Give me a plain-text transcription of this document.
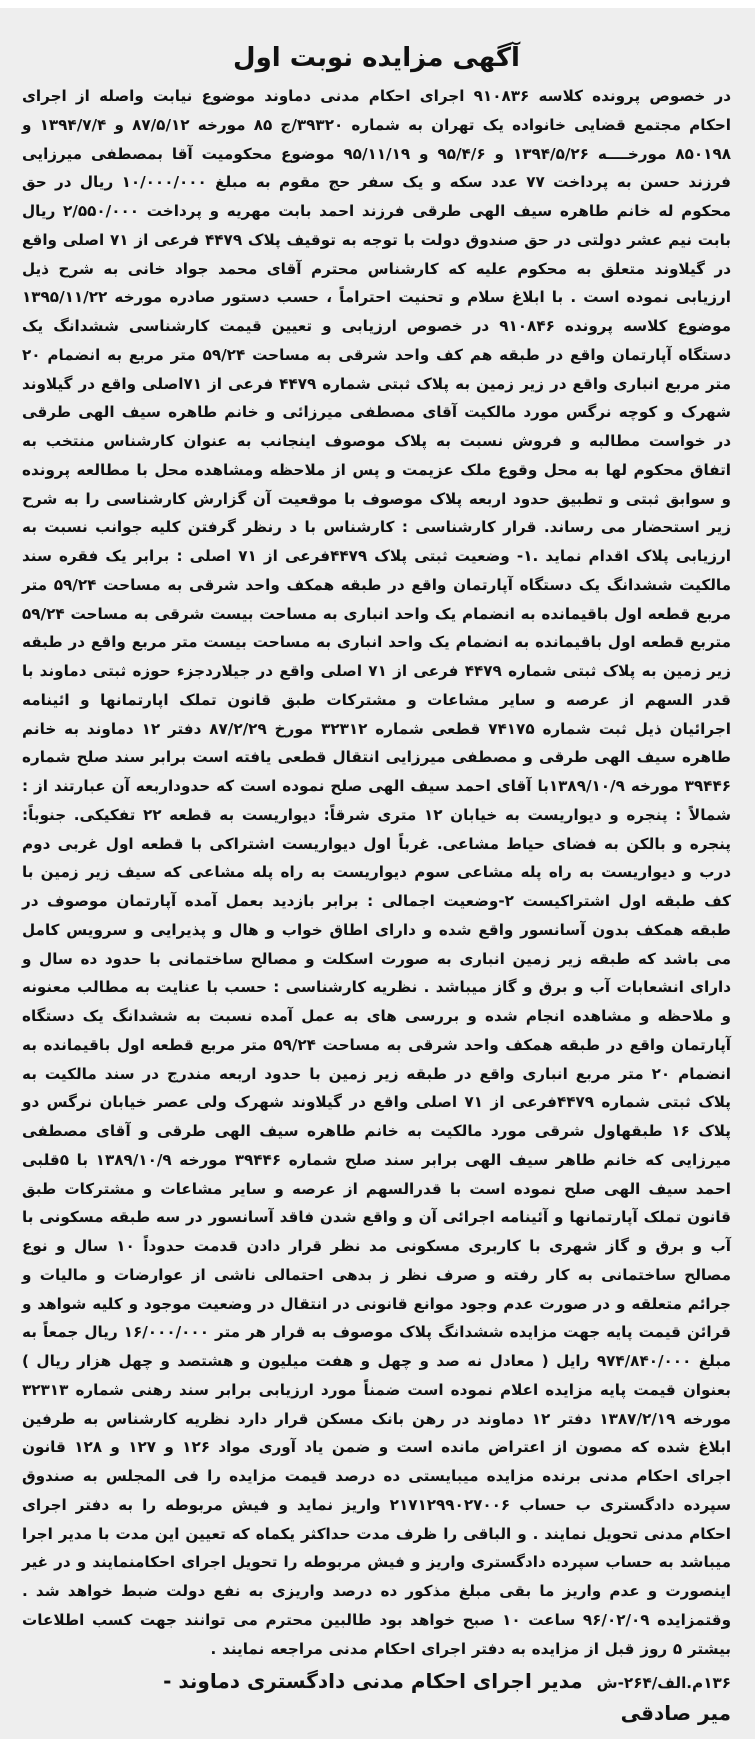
آگهی مزایده نوبت اول

در خصوص پرونده کلاسه ۹۱۰۸۳۶ اجرای احکام مدنی دماوند موضوع نیابت واصله از اجرای احکام مجتمع قضایی خانواده یک تهران به شماره ۳۹۳۲۰/ج ۸۵ مورخه ۸۷/۵/۱۲ و ۱۳۹۴/۷/۴ و ۸۵۰۱۹۸ مورخــــه ۱۳۹۴/۵/۲۶ و ۹۵/۴/۶ و ۹۵/۱۱/۱۹ موضوع محکومیت آقا بمصطفی میرزایی فرزند حسن به پرداخت ۷۷ عدد سکه و یک سفر حج مقوم به مبلغ ۱۰/۰۰۰/۰۰۰ ریال در حق محکوم له خانم طاهره سیف الهی طرقی فرزند احمد بابت مهریه و پرداخت ۲/۵۵۰/۰۰۰ ریال بابت نیم عشر دولتی در حق صندوق دولت با توجه به توقیف پلاک ۴۴۷۹ فرعی از ۷۱ اصلی واقع در گیلاوند متعلق به محکوم علیه که کارشناس محترم آقای محمد جواد خانی به شرح ذیل ارزیابی نموده است . با ابلاغ سلام و تحنیت احتراماً ، حسب دستور صادره مورخه ۱۳۹۵/۱۱/۲۲ موضوع کلاسه پرونده ۹۱۰۸۴۶ در خصوص ارزیابی و تعیین قیمت کارشناسی ششدانگ یک دستگاه آپارتمان واقع در طبقه هم کف واحد شرقی به مساحت ۵۹/۲۴ متر مربع به انضمام ۲۰ متر مربع انباری واقع در زیر زمین به پلاک ثبتی شماره ۴۴۷۹ فرعی از ۷۱اصلی واقع در گیلاوند شهرک و کوچه نرگس مورد مالکیت آقای مصطفی میرزائی و خانم طاهره سیف الهی طرقی در خواست مطالبه و فروش نسبت به پلاک موصوف اینجانب به عنوان کارشناس منتخب به اتفاق محکوم لها به محل وقوع ملک عزیمت و پس از ملاحظه ومشاهده محل با مطالعه پرونده و سوابق ثبتی و تطبیق حدود اربعه پلاک موصوف با موقعیت آن گزارش کارشناسی را به شرح زیر استحضار می رساند. قرار کارشناسی : کارشناس با د رنظر گرفتن کلیه جوانب نسبت به ارزیابی پلاک اقدام نماید .۱- وضعیت ثبتی پلاک ۴۴۷۹فرعی از ۷۱ اصلی : برابر یک فقره سند مالکیت ششدانگ یک دستگاه آپارتمان واقع در طبقه همکف واحد شرقی به مساحت ۵۹/۲۴ متر مربع قطعه اول باقیمانده به انضمام یک واحد انباری به مساحت بیست شرقی به مساحت ۵۹/۲۴ متربع قطعه اول باقیمانده به انضمام یک واحد انباری به مساحت بیست متر مربع واقع در طبقه زیر زمین به پلاک ثبتی شماره ۴۴۷۹ فرعی از ۷۱ اصلی واقع در جیلاردجزء حوزه ثبتی دماوند با قدر السهم از عرصه و سایر مشاعات و مشترکات طبق قانون تملک اپارتمانها و ائینامه اجرائیان ذیل ثبت شماره ۷۴۱۷۵ قطعی شماره ۳۲۳۱۲ مورخ ۸۷/۲/۲۹ دفتر ۱۲ دماوند به خانم طاهره سیف الهی طرقی و مصطفی میرزایی انتقال قطعی یافته است برابر سند صلح شماره ۳۹۴۴۶ مورخه ۱۳۸۹/۱۰/۹با آقای احمد سیف الهی صلح نموده است که حدوداربعه آن عبارتند از : شمالاً : پنجره و دیواریست به خیابان ۱۲ متری شرقاً: دیواریست به قطعه ۲۲ تفکیکی. جنوباً: پنجره و بالکن به فضای حیاط مشاعی. غرباً اول دیواریست اشتراکی با قطعه اول غربی دوم درب و دیواریست به راه پله مشاعی سوم دیواریست به راه پله مشاعی که سیف زیر زمین با کف طبقه اول اشتراکیست ۲-وضعیت اجمالی : برابر بازدید بعمل آمده آپارتمان موصوف در طبقه همکف بدون آسانسور واقع شده و دارای اطاق خواب و هال و پذیرایی و سرویس کامل می باشد که طبقه زیر زمین انباری به صورت اسکلت و مصالح ساختمانی با حدود ده سال و دارای انشعابات آب و برق و گاز میباشد . نظریه کارشناسی : حسب با عنایت به مطالب معنونه و ملاحظه و مشاهده انجام شده و بررسی های به عمل آمده نسبت به ششدانگ یک دستگاه آپارتمان واقع در طبقه همکف واحد شرقی به مساحت ۵۹/۲۴ متر مربع قطعه اول باقیمانده به انضمام ۲۰ متر مربع انباری واقع در طبقه زیر زمین با حدود اربعه مندرج در سند مالکیت به پلاک ثبتی شماره ۴۴۷۹فرعی از ۷۱ اصلی واقع در گیلاوند شهرک ولی عصر خیابان نرگس دو پلاک ۱۶ طبقهاول شرقی مورد مالکیت به خانم طاهره سیف الهی طرقی و آقای مصطفی میرزایی که خانم طاهر سیف الهی برابر سند صلح شماره ۳۹۴۴۶ مورخه ۱۳۸۹/۱۰/۹ با ۵قلبی احمد سیف الهی صلح نموده است با قدرالسهم از عرصه و سایر مشاعات و مشترکات طبق قانون تملک آپارتمانها و آئینامه اجرائی آن و واقع شدن فاقد آسانسور در سه طبقه مسکونی با آب و برق و گاز شهری با کاربری مسکونی مد نظر قرار دادن قدمت حدوداً ۱۰ سال و نوع مصالح ساختمانی به کار رفته و صرف نظر ز بدهی احتمالی ناشی از عوارضات و مالیات و جرائم متعلقه و در صورت عدم وجود موانع قانونی در انتقال در وضعیت موجود و کلیه شواهد و قرائن قیمت پایه جهت مزایده ششدانگ پلاک موصوف به قرار هر متر ۱۶/۰۰۰/۰۰۰ ریال جمعاً به مبلغ ۹۷۴/۸۴۰/۰۰۰ رایل ( معادل نه صد و چهل و هفت میلیون و هشتصد و چهل هزار ریال ) بعنوان قیمت پایه مزایده اعلام نموده است ضمناً مورد ارزیابی برابر سند رهنی شماره ۳۲۳۱۳ مورخه ۱۳۸۷/۲/۱۹ دفتر ۱۲ دماوند در رهن بانک مسکن قرار دارد نظریه کارشناس به طرفین ابلاغ شده که مصون از اعتراض مانده است و ضمن یاد آوری مواد ۱۲۶ و ۱۲۷ و ۱۲۸ قانون اجرای احکام مدنی برنده مزایده میبایستی ده درصد قیمت مزایده را فی المجلس به صندوق سپرده دادگستری ب حساب ۲۱۷۱۲۹۹۰۲۷۰۰۶ واریز نماید و فیش مربوطه را به دفتر اجرای احکام مدنی تحویل نمایند . و الباقی را ظرف مدت حداکثر یکماه که تعیین این مدت با مدیر اجرا میباشد به حساب سپرده دادگستری واریز و فیش مربوطه را تحویل اجرای احکامنمایند و در غیر اینصورت و عدم واریز ما بقی مبلغ مذکور ده درصد واریزی به نفع دولت ضبط خواهد شد . وقتمزایده ۹۶/۰۲/۰۹ ساعت ۱۰ صبح خواهد بود طالبین محترم می توانند جهت کسب اطلاعات بیشتر ۵ روز قبل از مزایده به دفتر اجرای احکام مدنی مراجعه نمایند .

۱۳۶م.الف/۲۶۴-ش
مدیر اجرای احکام مدنی دادگستری دماوند -
میر صادقی
